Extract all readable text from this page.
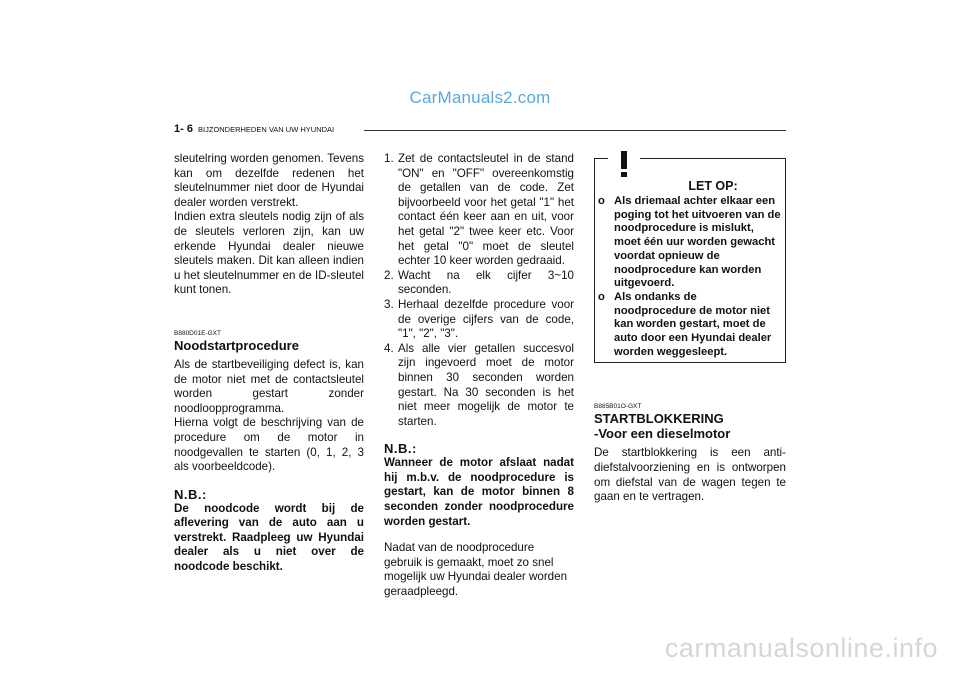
CarManuals2.com
1- 6 BIJZONDERHEDEN VAN UW HYUNDAI

sleutelring worden genomen. Tevens kan om dezelfde redenen het sleutelnummer niet door de Hyundai dealer worden verstrekt.

Indien extra sleutels nodig zijn of als de sleutels verloren zijn, kan uw erkende Hyundai dealer nieuwe sleutels maken. Dit kan alleen indien u het sleutelnummer en de ID-sleutel kunt tonen.

B880D01E-GXT

Noodstartprocedure

Als de startbeveiliging defect is, kan de motor niet met de contactsleutel worden gestart zonder noodloopprogramma.

Hierna volgt de beschrijving van de procedure om de motor in noodgevallen te starten (0, 1, 2, 3 als voorbeeldcode).

N.B.:

De noodcode wordt bij de aflevering van de auto aan u verstrekt. Raadpleeg uw Hyundai dealer als u niet over de noodcode beschikt.

1. Zet de contactsleutel in de stand "ON" en "OFF" overeenkomstig de getallen van de code. Zet bijvoorbeeld voor het getal "1" het contact één keer aan en uit, voor het getal "2" twee keer etc. Voor het getal "0" moet de sleutel echter 10 keer worden gedraaid.
2. Wacht na elk cijfer 3~10 seconden.
3. Herhaal dezelfde procedure voor de overige cijfers van de code, "1", "2", "3".
4. Als alle vier getallen succesvol zijn ingevoerd moet de motor binnen 30 seconden worden gestart. Na 30 seconden is het niet meer mogelijk de motor te starten.

N.B.:

Wanneer de motor afslaat nadat hij m.b.v. de noodprocedure is gestart, kan de motor binnen 8 seconden zonder noodprocedure worden gestart.

Nadat van de noodprocedure gebruik is gemaakt, moet zo snel mogelijk uw Hyundai dealer worden geraadpleegd.

LET OP:
o Als driemaal achter elkaar een poging tot het uitvoeren van de noodprocedure is mislukt, moet één uur worden gewacht voordat opnieuw de noodprocedure kan worden uitgevoerd.
o Als ondanks de noodprocedure de motor niet kan worden gestart, moet de auto door een Hyundai dealer worden weggesleept.

B885B01O-GXT

STARTBLOKKERING

-Voor een dieselmotor

De startblokkering is een anti-diefstalvoorziening en is ontworpen om diefstal van de wagen tegen te gaan en te vertragen.

carmanualsonline.info
